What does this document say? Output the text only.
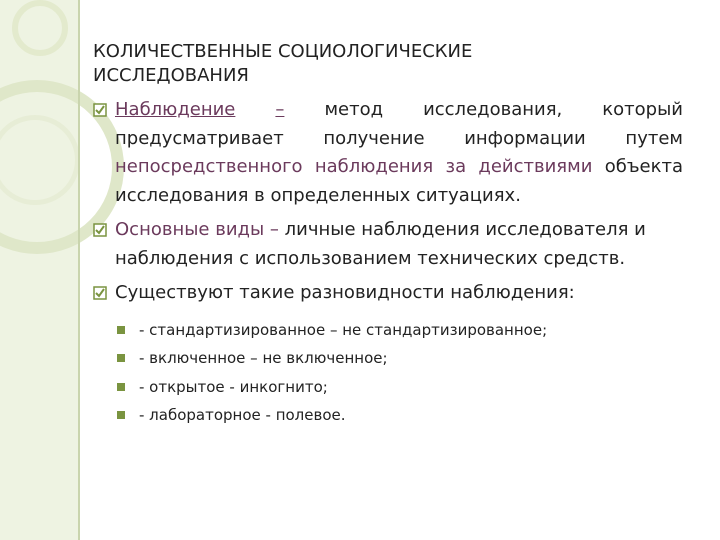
КОЛИЧЕСТВЕННЫЕ СОЦИОЛОГИЧЕСКИЕ
ИССЛЕДОВАНИЯ
Наблюдение – метод исследования, который предусматривает получение информации путем непосредственного наблюдения за действиями объекта исследования в определенных ситуациях.
Основные виды – личные наблюдения исследователя и наблюдения с использованием технических средств.
Существуют такие разновидности наблюдения:
- стандартизированное – не стандартизированное;
- включенное – не включенное;
- открытое - инкогнито;
- лабораторное - полевое.
